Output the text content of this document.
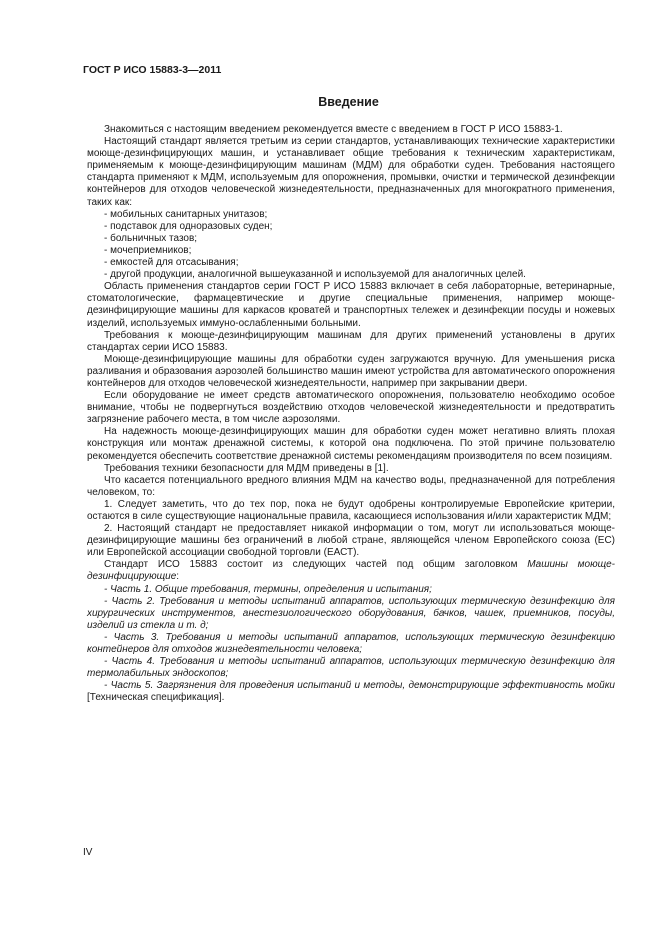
ГОСТ Р ИСО 15883-3—2011
Введение

Знакомиться с настоящим введением рекомендуется вместе с введением в ГОСТ Р ИСО 15883-1.

Настоящий стандарт является третьим из серии стандартов, устанавливающих технические характеристики моюще-дезинфицирующих машин, и устанавливает общие требования к техническим характеристикам, применяемым к моюще-дезинфицирующим машинам (МДМ) для обработки суден. Требования настоящего стандарта применяют к МДМ, используемым для опорожнения, промывки, очистки и термической дезинфекции контейнеров для отходов человеческой жизнедеятельности, предназначенных для многократного применения, таких как:

- мобильных санитарных унитазов;

- подставок для одноразовых суден;

- больничных тазов;

- мочеприемников;

- емкостей для отсасывания;

- другой продукции, аналогичной вышеуказанной и используемой для аналогичных целей.

Область применения стандартов серии ГОСТ Р ИСО 15883 включает в себя лабораторные, ветеринарные, стоматологические, фармацевтические и другие специальные применения, например моюще-дезинфицирующие машины для каркасов кроватей и транспортных тележек и дезинфекции посуды и ножевых изделий, используемых иммуно-ослабленными больными.

Требования к моюще-дезинфицирующим машинам для других применений установлены в других стандартах серии ИСО 15883.

Моюще-дезинфицирующие машины для обработки суден загружаются вручную. Для уменьшения риска разливания и образования аэрозолей большинство машин имеют устройства для автоматического опорожнения контейнеров для отходов человеческой жизнедеятельности, например при закрывании двери.

Если оборудование не имеет средств автоматического опорожнения, пользователю необходимо особое внимание, чтобы не подвергнуться воздействию отходов человеческой жизнедеятельности и предотвратить загрязнение рабочего места, в том числе аэрозолями.

На надежность моюще-дезинфицирующих машин для обработки суден может негативно влиять плохая конструкция или монтаж дренажной системы, к которой она подключена. По этой причине пользователю рекомендуется обеспечить соответствие дренажной системы рекомендациям производителя по всем позициям.

Требования техники безопасности для МДМ приведены в [1].

Что касается потенциального вредного влияния МДМ на качество воды, предназначенной для потребления человеком, то:

1. Следует заметить, что до тех пор, пока не будут одобрены контролируемые Европейские критерии, остаются в силе существующие национальные правила, касающиеся использования и/или характеристик МДМ;

2. Настоящий стандарт не предоставляет никакой информации о том, могут ли использоваться моюще-дезинфицирующие машины без ограничений в любой стране, являющейся членом Европейского союза (ЕС) или Европейской ассоциации свободной торговли (ЕАСТ).

Стандарт ИСО 15883 состоит из следующих частей под общим заголовком Машины моюще-дезинфицирующие:

- Часть 1. Общие требования, термины, определения и испытания;

- Часть 2. Требования и методы испытаний аппаратов, использующих термическую дезинфекцию для хирургических инструментов, анестезиологического оборудования, бачков, чашек, приемников, посуды, изделий из стекла и т. д;

- Часть 3. Требования и методы испытаний аппаратов, использующих термическую дезинфекцию контейнеров для отходов жизнедеятельности человека;

- Часть 4. Требования и методы испытаний аппаратов, использующих термическую дезинфекцию для термолабильных эндоскопов;

- Часть 5. Загрязнения для проведения испытаний и методы, демонстрирующие эффективность мойки [Техническая спецификация].

IV
